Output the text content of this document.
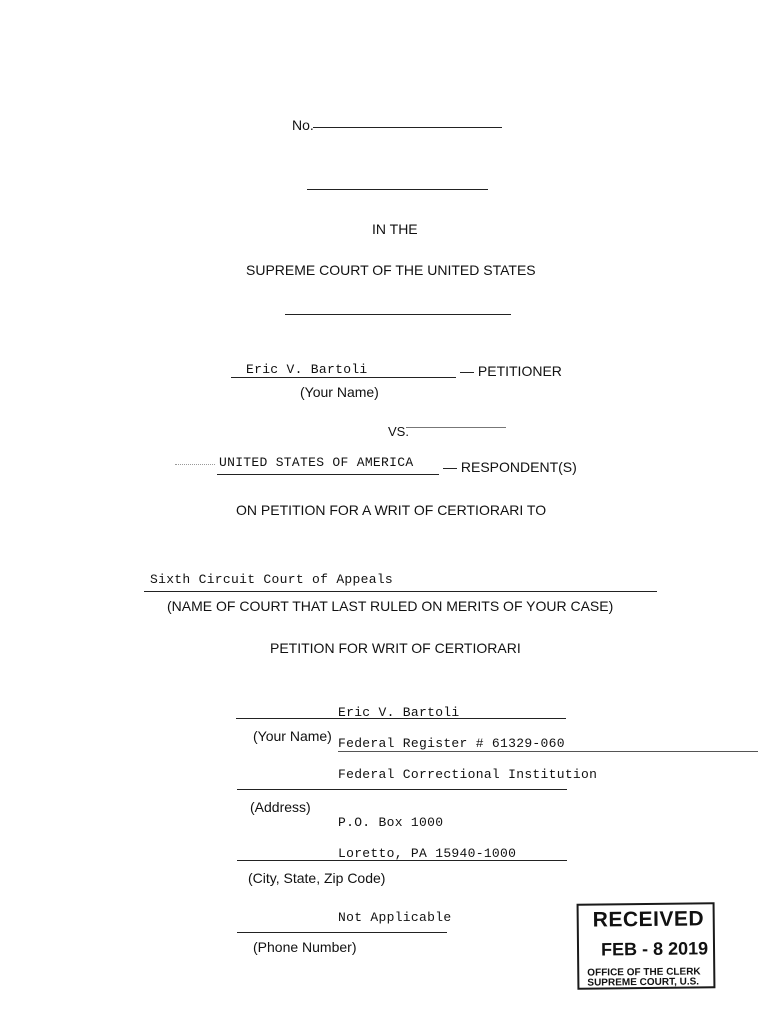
No.
IN THE
SUPREME COURT OF THE UNITED STATES
Eric V. Bartoli	— PETITIONER
(Your Name)
VS.
UNITED STATES OF AMERICA — RESPONDENT(S)
ON PETITION FOR A WRIT OF CERTIORARI TO
Sixth Circuit Court of Appeals
(NAME OF COURT THAT LAST RULED ON MERITS OF YOUR CASE)
PETITION FOR WRIT OF CERTIORARI
Eric V. Bartoli
(Your Name) Federal Register # 61329-060
Federal Correctional Institution
(Address)
P.O. Box 1000
Loretto, PA 15940-1000
(City, State, Zip Code)
Not Applicable
(Phone Number)
RECEIVED
FEB - 8 2019
OFFICE OF THE CLERK
SUPREME COURT, U.S.
